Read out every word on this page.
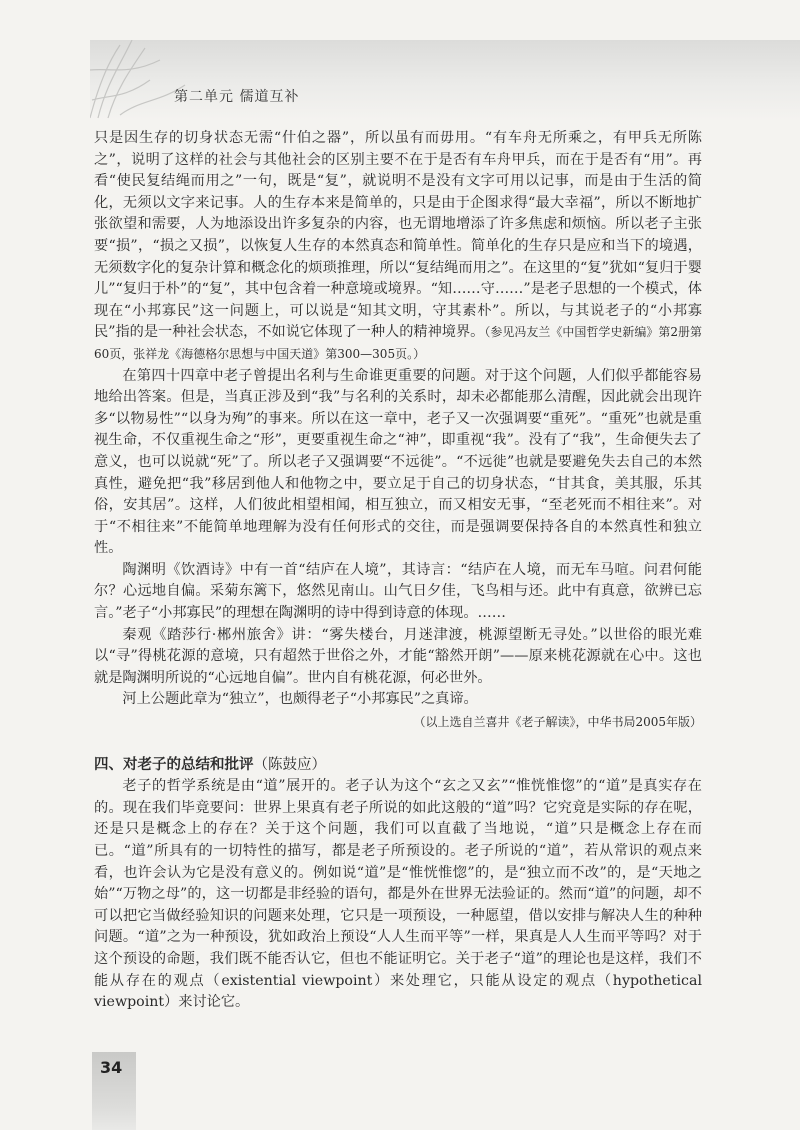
第二单元 儒道互补

只是因生存的切身状态无需“什伯之器”，所以虽有而毋用。“有车舟无所乘之，有甲兵无所陈之”，说明了这样的社会与其他社会的区别主要不在于是否有车舟甲兵，而在于是否有“用”。再看“使民复结绳而用之”一句，既是“复”，就说明不是没有文字可用以记事，而是由于生活的简化，无须以文字来记事。人的生存本来是简单的，只是由于企图求得“最大幸福”，所以不断地扩张欲望和需要，人为地添设出许多复杂的内容，也无谓地增添了许多焦虑和烦恼。所以老子主张要“损”，“损之又损”，以恢复人生存的本然真态和简单性。简单化的生存只是应和当下的境遇，无须数字化的复杂计算和概念化的烦琐推理，所以“复结绳而用之”。在这里的“复”犹如“复归于婴儿”“复归于朴”的“复”，其中包含着一种意境或境界。“知……守……”是老子思想的一个模式，体现在“小邦寡民”这一问题上，可以说是“知其文明，守其素朴”。所以，与其说老子的“小邦寡民”指的是一种社会状态，不如说它体现了一种人的精神境界。（参见冯友兰《中国哲学史新编》第2册第60页，张祥龙《海德格尔思想与中国天道》第300—305页。）

在第四十四章中老子曾提出名利与生命谁更重要的问题。对于这个问题，人们似乎都能容易地给出答案。但是，当真正涉及到“我”与名利的关系时，却未必都能那么清醒，因此就会出现许多“以物易性”“以身为殉”的事来。所以在这一章中，老子又一次强调要“重死”。“重死”也就是重视生命，不仅重视生命之“形”，更要重视生命之“神”，即重视“我”。没有了“我”，生命便失去了意义，也可以说就“死”了。所以老子又强调要“不远徙”。“不远徙”也就是要避免失去自己的本然真性，避免把“我”移居到他人和他物之中，要立足于自己的切身状态，“甘其食，美其服，乐其俗，安其居”。这样，人们彼此相望相闻，相互独立，而又相安无事，“至老死而不相往来”。对于“不相往来”不能简单地理解为没有任何形式的交往，而是强调要保持各自的本然真性和独立性。

陶渊明《饮酒诗》中有一首“结庐在人境”，其诗言：“结庐在人境，而无车马喧。问君何能尔？心远地自偏。采菊东篱下，悠然见南山。山气日夕佳，飞鸟相与还。此中有真意，欲辨已忘言。”老子“小邦寡民”的理想在陶渊明的诗中得到诗意的体现。……

秦观《踏莎行·郴州旅舍》讲：“雾失楼台，月迷津渡，桃源望断无寻处。”以世俗的眼光难以“寻”得桃花源的意境，只有超然于世俗之外，才能“豁然开朗”——原来桃花源就在心中。这也就是陶渊明所说的“心远地自偏”。世内自有桃花源，何必世外。

河上公题此章为“独立”，也颇得老子“小邦寡民”之真谛。

（以上选自兰喜井《老子解读》，中华书局2005年版）

四、对老子的总结和批评（陈鼓应）

老子的哲学系统是由“道”展开的。老子认为这个“玄之又玄”“惟恍惟惚”的“道”是真实存在的。现在我们毕竟要问：世界上果真有老子所说的如此这般的“道”吗？它究竟是实际的存在呢，还是只是概念上的存在？关于这个问题，我们可以直截了当地说，“道”只是概念上存在而已。“道”所具有的一切特性的描写，都是老子所预设的。老子所说的“道”，若从常识的观点来看，也许会认为它是没有意义的。例如说“道”是“惟恍惟惚”的，是“独立而不改”的，是“天地之始”“万物之母”的，这一切都是非经验的语句，都是外在世界无法验证的。然而“道”的问题，却不可以把它当做经验知识的问题来处理，它只是一项预设，一种愿望，借以安排与解决人生的种种问题。“道”之为一种预设，犹如政治上预设“人人生而平等”一样，果真是人人生而平等吗？对于这个预设的命题，我们既不能否认它，但也不能证明它。关于老子“道”的理论也是这样，我们不能从存在的观点（existential viewpoint）来处理它，只能从设定的观点（hypothetical viewpoint）来讨论它。

34
